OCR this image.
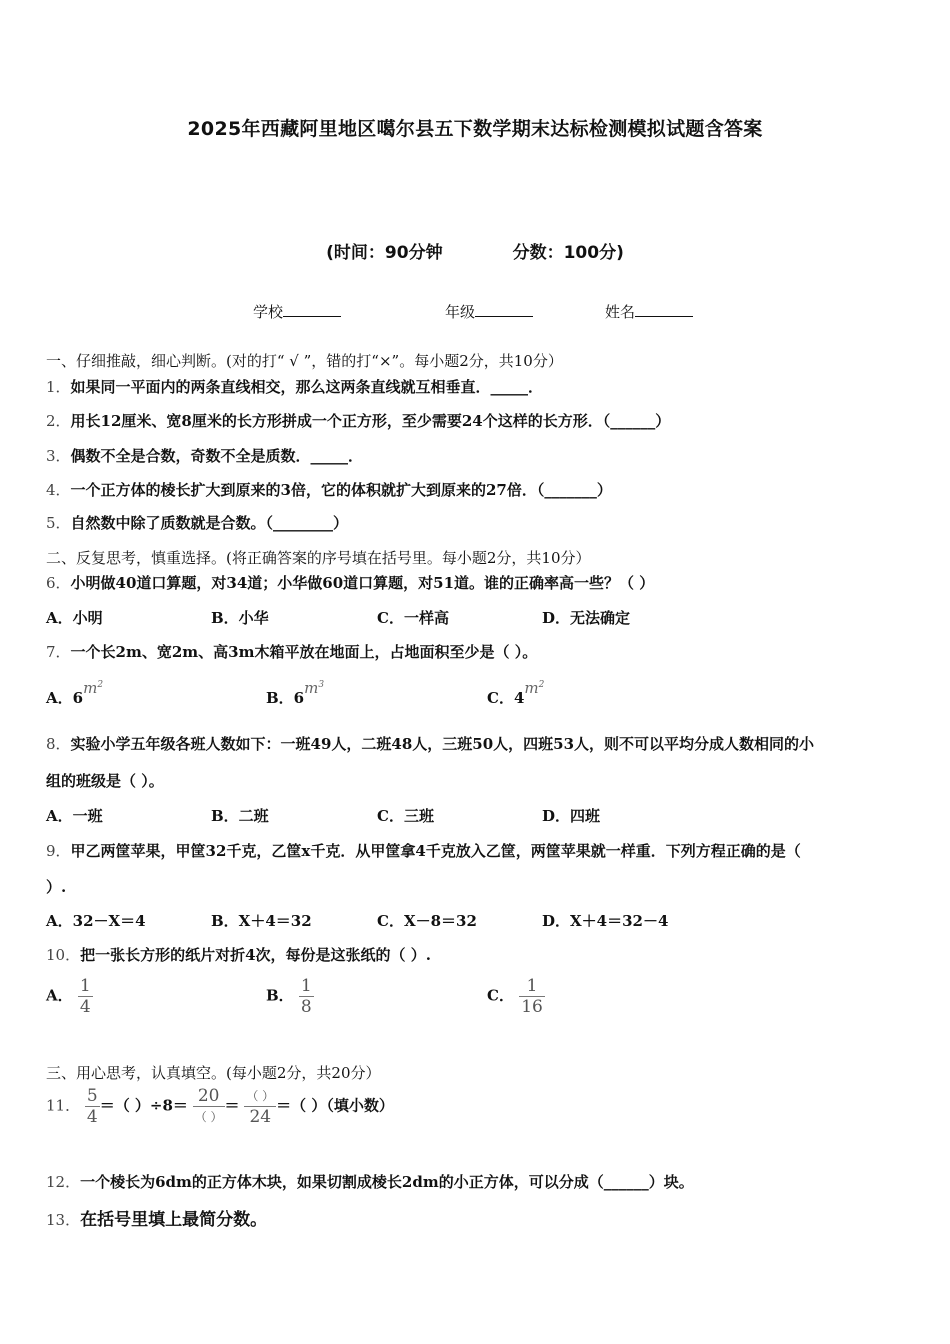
2025年西藏阿里地区噶尔县五下数学期末达标检测模拟试题含答案
(时间：90分钟	分数：100分)
学校	年级	姓名
一、仔细推敲，细心判断。(对的打“ √ ”，错的打“×”。每小题2分，共10分）
1．如果同一平面内的两条直线相交，那么这两条直线就互相垂直．_____．
2．用长12厘米、宽8厘米的长方形拼成一个正方形，至少需要24个这样的长方形．（______）
3．偶数不全是合数，奇数不全是质数．_____．
4．一个正方体的棱长扩大到原来的3倍，它的体积就扩大到原来的27倍．（_______）
5．自然数中除了质数就是合数。（________）
二、反复思考，慎重选择。(将正确答案的序号填在括号里。每小题2分，共10分）
6．小明做40道口算题，对34道；小华做60道口算题，对51道。谁的正确率高一些？（ ）
A．小明	B．小华	C．一样高	D．无法确定
7．一个长2m、宽2m、高3m木箱平放在地面上，占地面积至少是（ ）。
A．$6m^2$
B．$6m^3$
C．$4m^2$
8．实验小学五年级各班人数如下：一班49人，二班48人，三班50人，四班53人，则不可以平均分成人数相同的小
组的班级是（ ）。
A．一班	B．二班	C．三班	D．四班
9．甲乙两筐苹果，甲筐32千克，乙筐x千克．从甲筐拿4千克放入乙筐，两筐苹果就一样重．下列方程正确的是（
）.
A．32－X＝4	B．X＋4＝32	C．X－8＝32	D．X＋4＝32－4
10．把一张长方形的纸片对折4次，每份是这张纸的（ ）.
A． $\frac{1}{4}$	B． $\frac{1}{8}$	C． $\frac{1}{16}$
三、用心思考，认真填空。(每小题2分，共20分）
11． $\frac{5}{4}$ ＝（ ）$\div 8= \frac{20}{( )} = \frac{( )}{24}$ ＝（ ）（填小数）
12．一个棱长为6dm的正方体木块，如果切割成棱长2dm的小正方体，可以分成（______）块。
13．在括号里填上最简分数。
